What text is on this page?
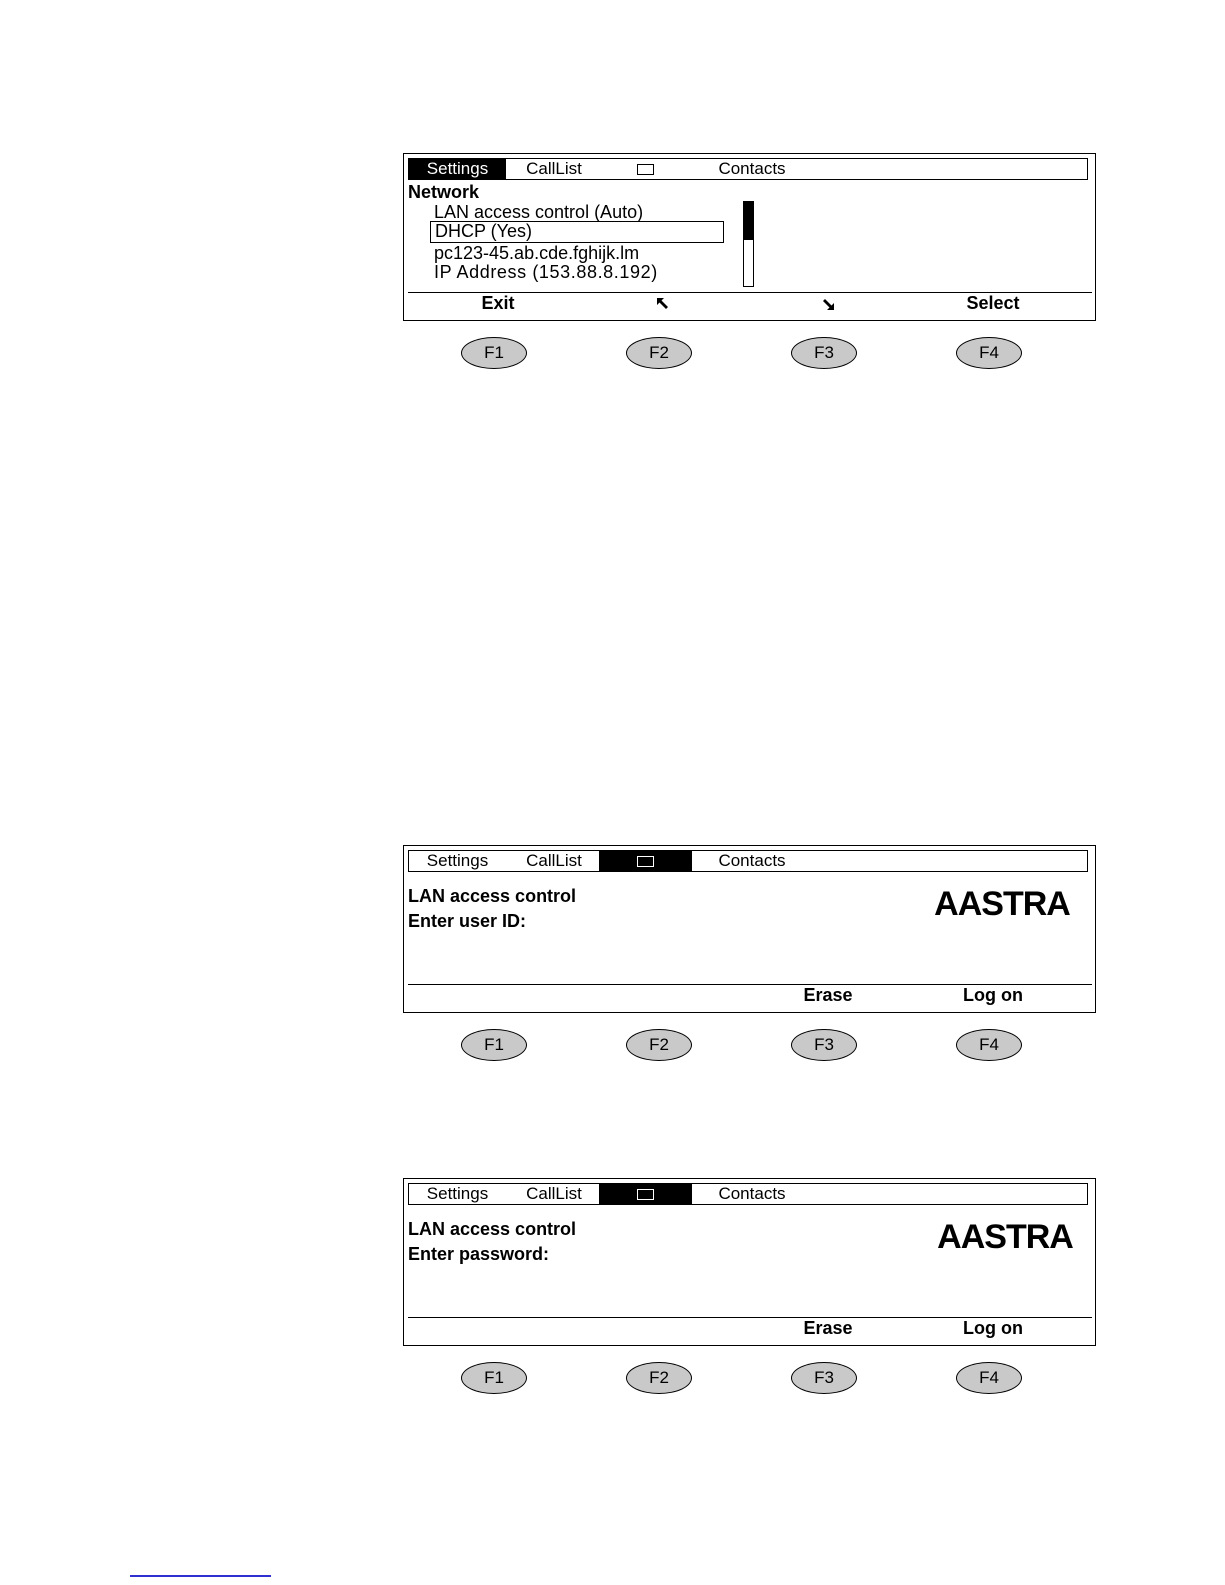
Settings	CallList	Contacts
Network
LAN access control (Auto)
DHCP (Yes)
pc123-45.ab.cde.fghijk.lm
IP Address (153.88.8.192)
Exit	Select
F1	F2	F3	F4
Settings	CallList	Contacts
LAN access control
Enter user ID:	AASTRA
Erase	Log on
F1	F2	F3	F4
Settings	CallList	Contacts
LAN access control
Enter password:	AASTRA
Erase	Log on
F1	F2	F3	F4
